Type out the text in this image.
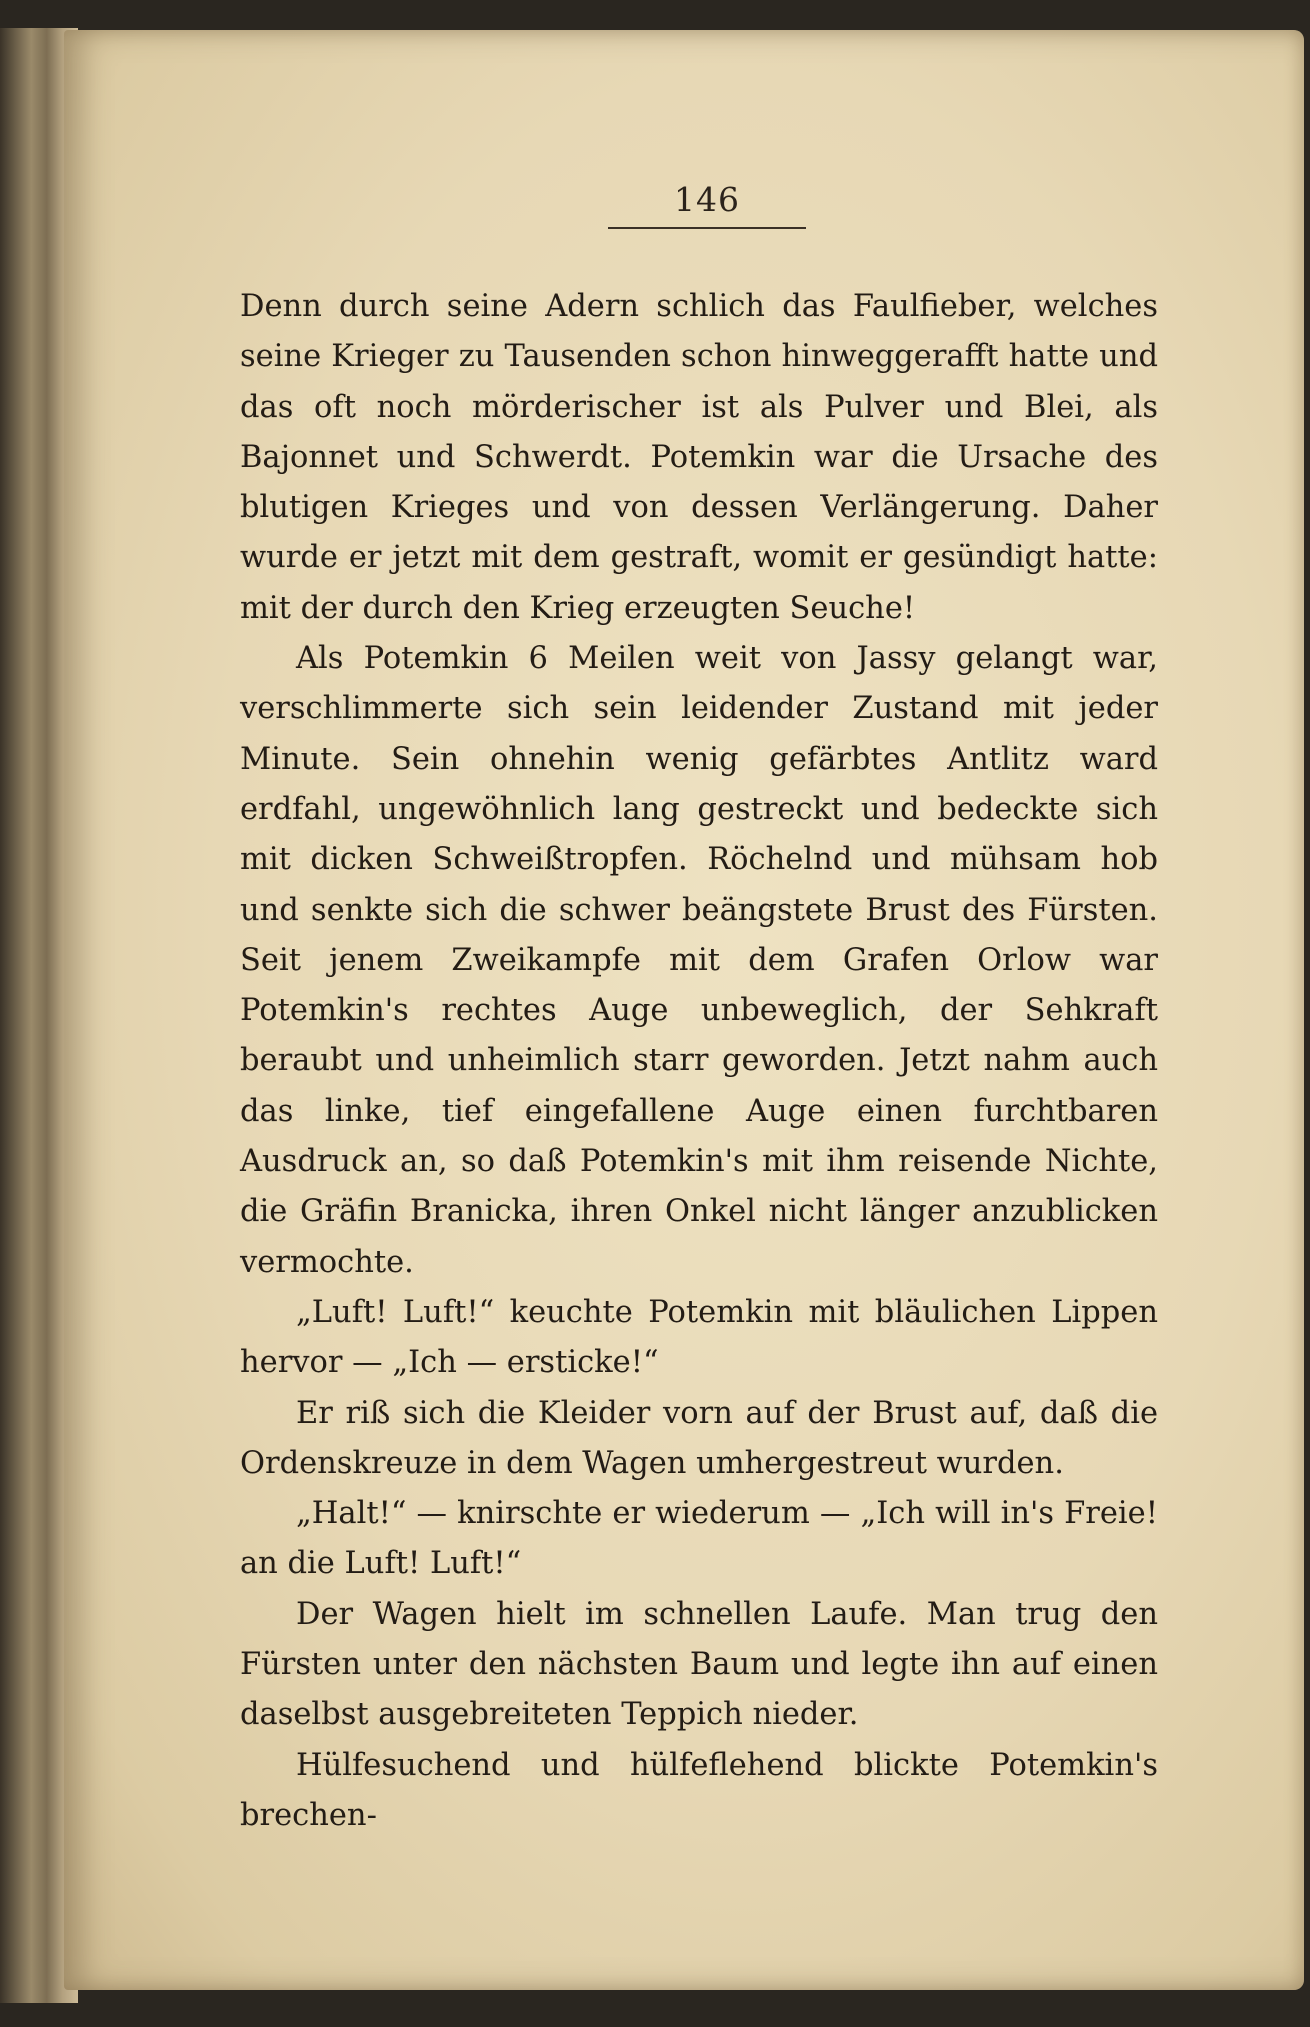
146

Denn durch seine Adern schlich das Faulfieber, welches seine Krieger zu Tausenden schon hinweggerafft hatte und das oft noch mörderischer ist als Pulver und Blei, als Bajonnet und Schwerdt. Potemkin war die Ursache des blutigen Krieges und von dessen Verlängerung. Daher wurde er jetzt mit dem gestraft, womit er gesündigt hatte: mit der durch den Krieg erzeugten Seuche!

Als Potemkin 6 Meilen weit von Jassy gelangt war, verschlimmerte sich sein leidender Zustand mit jeder Minute. Sein ohnehin wenig gefärbtes Antlitz ward erdfahl, ungewöhnlich lang gestreckt und bedeckte sich mit dicken Schweißtropfen. Röchelnd und mühsam hob und senkte sich die schwer beängstete Brust des Fürsten. Seit jenem Zweikampfe mit dem Grafen Orlow war Potemkin's rechtes Auge unbeweglich, der Sehkraft beraubt und unheimlich starr geworden. Jetzt nahm auch das linke, tief eingefallene Auge einen furchtbaren Ausdruck an, so daß Potemkin's mit ihm reisende Nichte, die Gräfin Branicka, ihren Onkel nicht länger anzublicken vermochte.

„Luft! Luft!“ keuchte Potemkin mit bläulichen Lippen hervor — „Ich — ersticke!“

Er riß sich die Kleider vorn auf der Brust auf, daß die Ordenskreuze in dem Wagen umhergestreut wurden.

„Halt!“ — knirschte er wiederum — „Ich will in's Freie! an die Luft! Luft!“

Der Wagen hielt im schnellen Laufe. Man trug den Fürsten unter den nächsten Baum und legte ihn auf einen daselbst ausgebreiteten Teppich nieder.

Hülfesuchend und hülfeflehend blickte Potemkin's brechen-
